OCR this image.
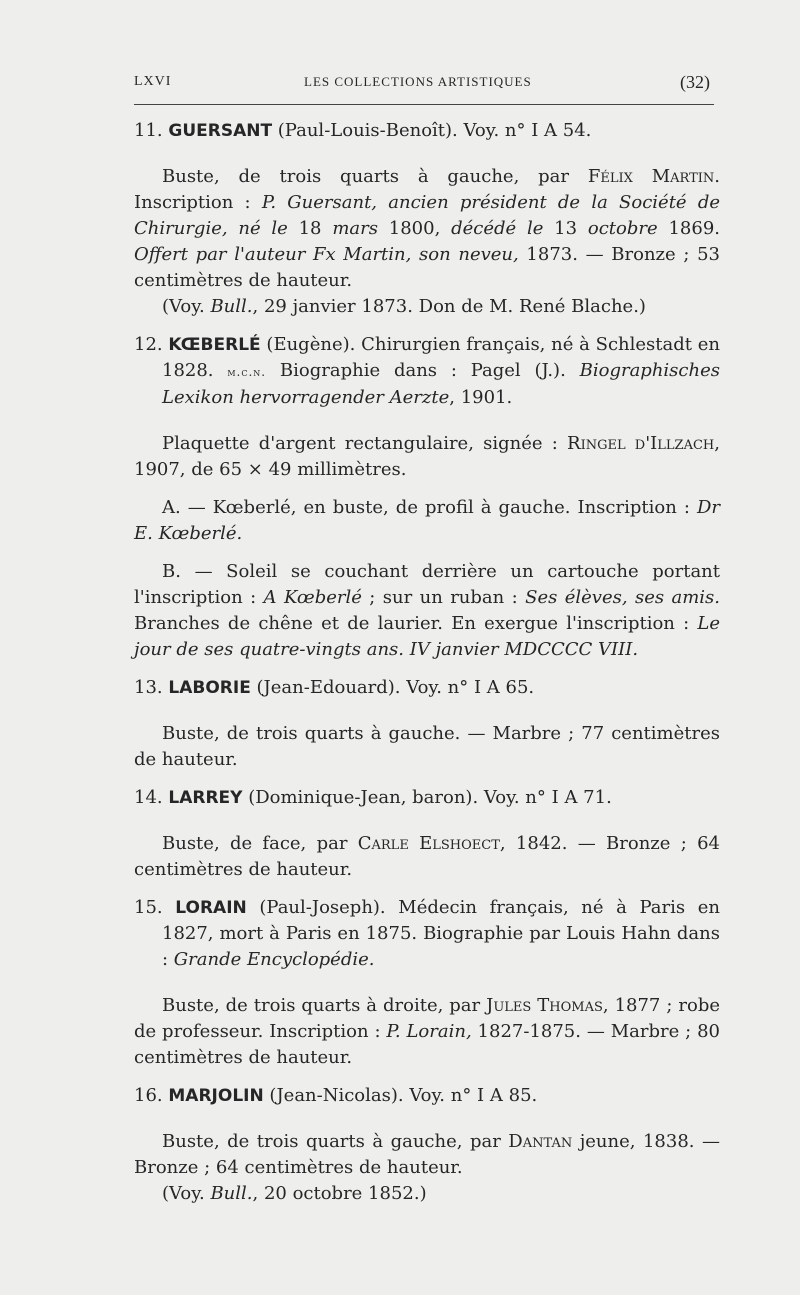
LXVI	LES COLLECTIONS ARTISTIQUES	(32)

11. GUERSANT (Paul-Louis-Benoît). Voy. n° I A 54.

Buste, de trois quarts à gauche, par Félix Martin. Inscription : P. Guersant, ancien président de la Société de Chirurgie, né le 18 mars 1800, décédé le 13 octobre 1869. Offert par l'auteur Fx Martin, son neveu, 1873. — Bronze ; 53 centimètres de hauteur.

(Voy. Bull., 29 janvier 1873. Don de M. René Blache.)

12. KŒBERLÉ (Eugène). Chirurgien français, né à Schlestadt en 1828. m.c.n. Biographie dans : Pagel (J.). Biographisches Lexikon hervorragender Aerzte, 1901.

Plaquette d'argent rectangulaire, signée : Ringel d'Illzach, 1907, de 65 × 49 millimètres.

A. — Kœberlé, en buste, de profil à gauche. Inscription : Dr E. Kœberlé.

B. — Soleil se couchant derrière un cartouche portant l'inscription : A Kœberlé ; sur un ruban : Ses élèves, ses amis. Branches de chêne et de laurier. En exergue l'inscription : Le jour de ses quatre-vingts ans. IV janvier MDCCCC VIII.

13. LABORIE (Jean-Edouard). Voy. n° I A 65.

Buste, de trois quarts à gauche. — Marbre ; 77 centimètres de hauteur.

14. LARREY (Dominique-Jean, baron). Voy. n° I A 71.

Buste, de face, par Carle Elshoect, 1842. — Bronze ; 64 centimètres de hauteur.

15. LORAIN (Paul-Joseph). Médecin français, né à Paris en 1827, mort à Paris en 1875. Biographie par Louis Hahn dans : Grande Encyclopédie.

Buste, de trois quarts à droite, par Jules Thomas, 1877 ; robe de professeur. Inscription : P. Lorain, 1827-1875. — Marbre ; 80 centimètres de hauteur.

16. MARJOLIN (Jean-Nicolas). Voy. n° I A 85.

Buste, de trois quarts à gauche, par Dantan jeune, 1838. — Bronze ; 64 centimètres de hauteur.

(Voy. Bull., 20 octobre 1852.)
